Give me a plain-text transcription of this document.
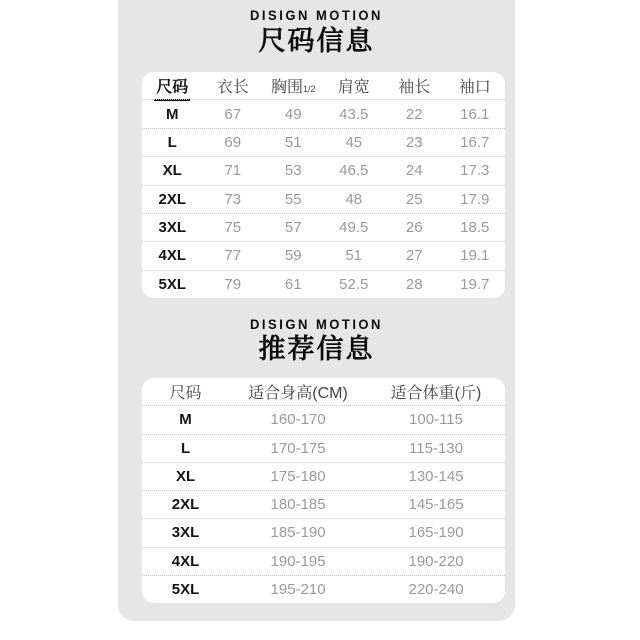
DISIGN MOTION
尺码信息
尺码	衣长	胸围1/2	肩宽	袖长	袖口
M	67	49	43.5	22	16.1
L	69	51	45	23	16.7
XL	71	53	46.5	24	17.3
2XL	73	55	48	25	17.9
3XL	75	57	49.5	26	18.5
4XL	77	59	51	27	19.1
5XL	79	61	52.5	28	19.7
DISIGN MOTION
推荐信息
尺码	适合身高(CM)	适合体重(斤)
M	160-170	100-115
L	170-175	115-130
XL	175-180	130-145
2XL	180-185	145-165
3XL	185-190	165-190
4XL	190-195	190-220
5XL	195-210	220-240
